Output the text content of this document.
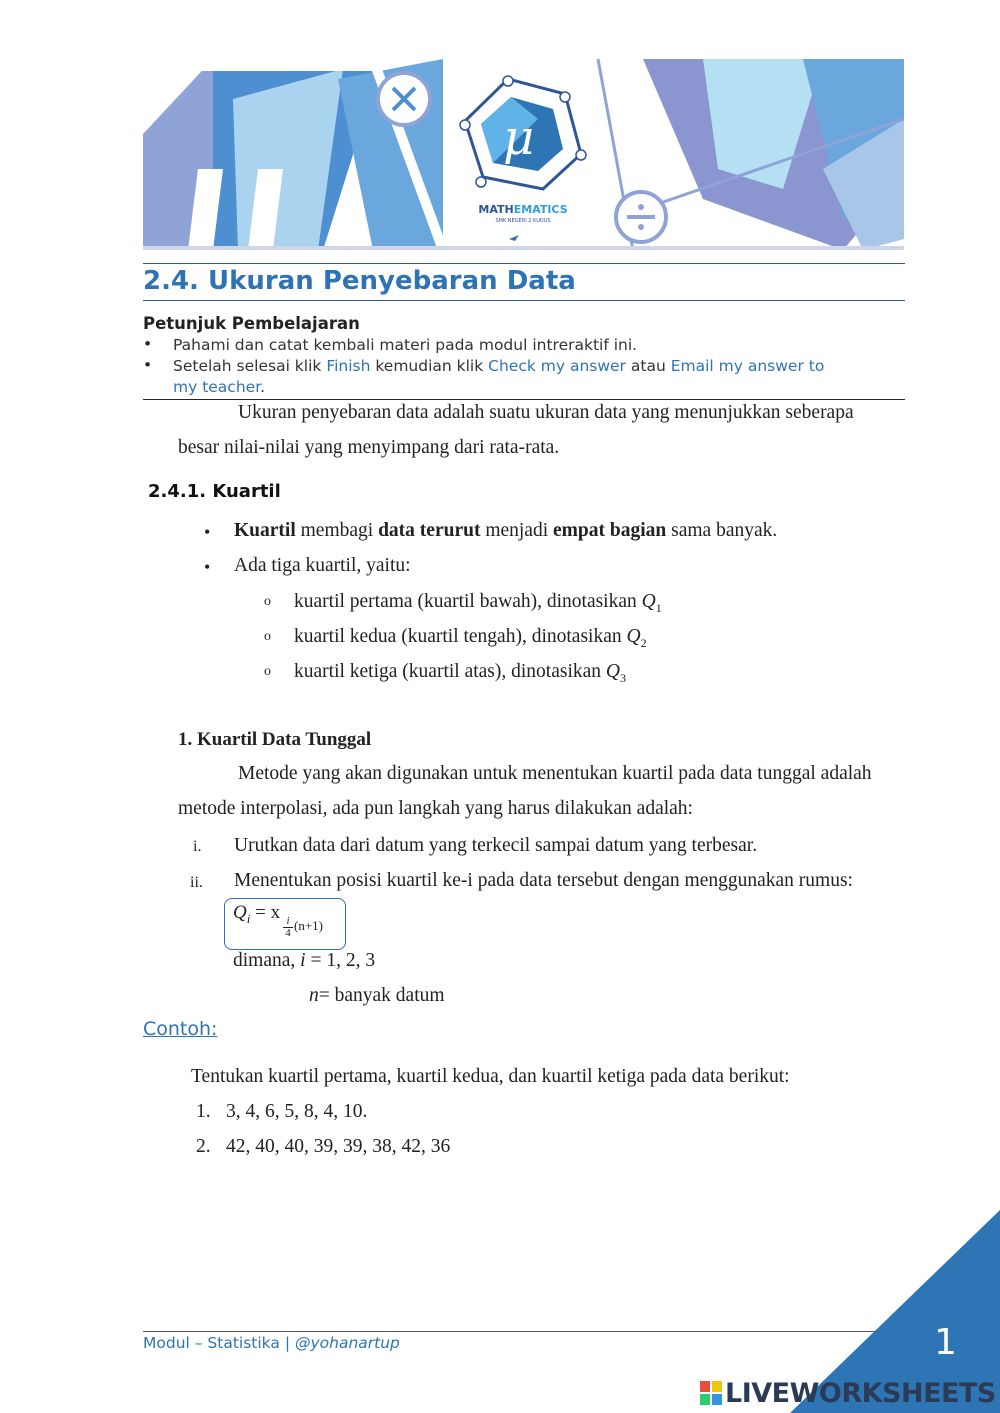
μ
MATHEMATICS
SMK NEGERI 2 KUDUS
2.4. Ukuran Penyebaran Data
Petunjuk Pembelajaran
• Pahami dan catat kembali materi pada modul intreraktif ini.
• Setelah selesai klik Finish kemudian klik Check my answer atau Email my answer to
my teacher.
Ukuran penyebaran data adalah suatu ukuran data yang menunjukkan seberapa
besar nilai-nilai yang menyimpang dari rata-rata.
2.4.1. Kuartil
• Kuartil membagi data terurut menjadi empat bagian sama banyak.
• Ada tiga kuartil, yaitu:
o kuartil pertama (kuartil bawah), dinotasikan $Q_1$
o kuartil kedua (kuartil tengah), dinotasikan $Q_2$
o kuartil ketiga (kuartil atas), dinotasikan $Q_3$
1. Kuartil Data Tunggal
Metode yang akan digunakan untuk menentukan kuartil pada data tunggal adalah
metode interpolasi, ada pun langkah yang harus dilakukan adalah:
i. Urutkan data dari datum yang terkecil sampai datum yang terbesar.
ii. Menentukan posisi kuartil ke-i pada data tersebut dengan menggunakan rumus:
$Q_i = x$ i
4 (n+1)
dimana, i = 1, 2, 3
n= banyak datum
Contoh:
Tentukan kuartil pertama, kuartil kedua, dan kuartil ketiga pada data berikut:
1. 3, 4, 6, 5, 8, 4, 10.
2. 42, 40, 40, 39, 39, 38, 42, 36
Modul – Statistika | @yohanartup	1
LIVEWORKSHEETS
